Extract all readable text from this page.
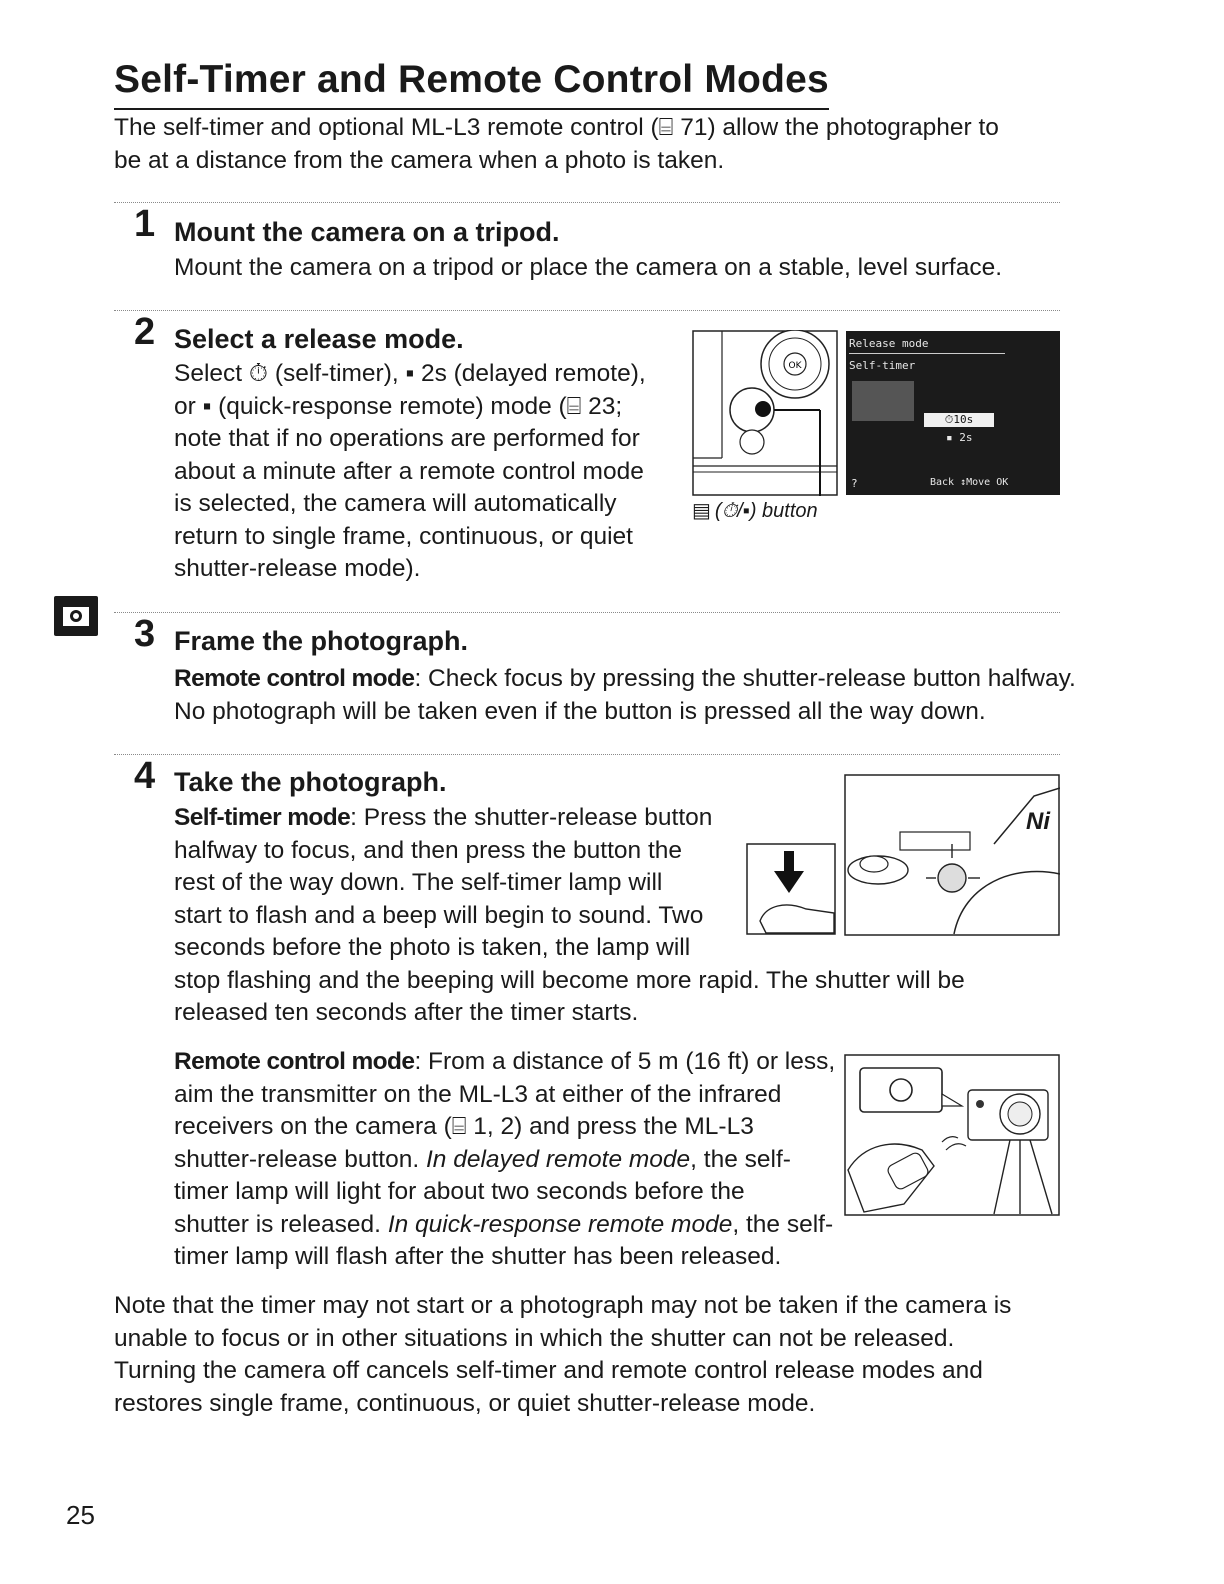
Self-Timer and Remote Control Modes
The self-timer and optional ML-L3 remote control (⌸ 71) allow the photographer to
be at a distance from the camera when a photo is taken.
1 Mount the camera on a tripod.
Mount the camera on a tripod or place the camera on a stable, level surface.
2 Select a release mode.
Select ⏱ (self-timer), ▪ 2s (delayed remote),
or ▪ (quick-response remote) mode (⌸ 23;
note that if no operations are performed for
about a minute after a remote control mode
is selected, the camera will automatically
return to single frame, continuous, or quiet
shutter-release mode).
OK
▤ (⏱/▪) button
Release mode
Self-timer
⏱10s
▪ 2s
?	Back ↕Move OK
3 Frame the photograph.
Remote control mode: Check focus by pressing the shutter-release button halfway.
No photograph will be taken even if the button is pressed all the way down.
4 Take the photograph.
Self-timer mode: Press the shutter-release button
halfway to focus, and then press the button the
rest of the way down. The self-timer lamp will
start to flash and a beep will begin to sound. Two
seconds before the photo is taken, the lamp will
stop flashing and the beeping will become more rapid. The shutter will be
released ten seconds after the timer starts.
Ni
Remote control mode: From a distance of 5 m (16 ft) or less,
aim the transmitter on the ML-L3 at either of the infrared
receivers on the camera (⌸ 1, 2) and press the ML-L3
shutter-release button. In delayed remote mode, the self-
timer lamp will light for about two seconds before the
shutter is released. In quick-response remote mode, the self-
timer lamp will flash after the shutter has been released.
Note that the timer may not start or a photograph may not be taken if the camera is
unable to focus or in other situations in which the shutter can not be released.
Turning the camera off cancels self-timer and remote control release modes and
restores single frame, continuous, or quiet shutter-release mode.
25
